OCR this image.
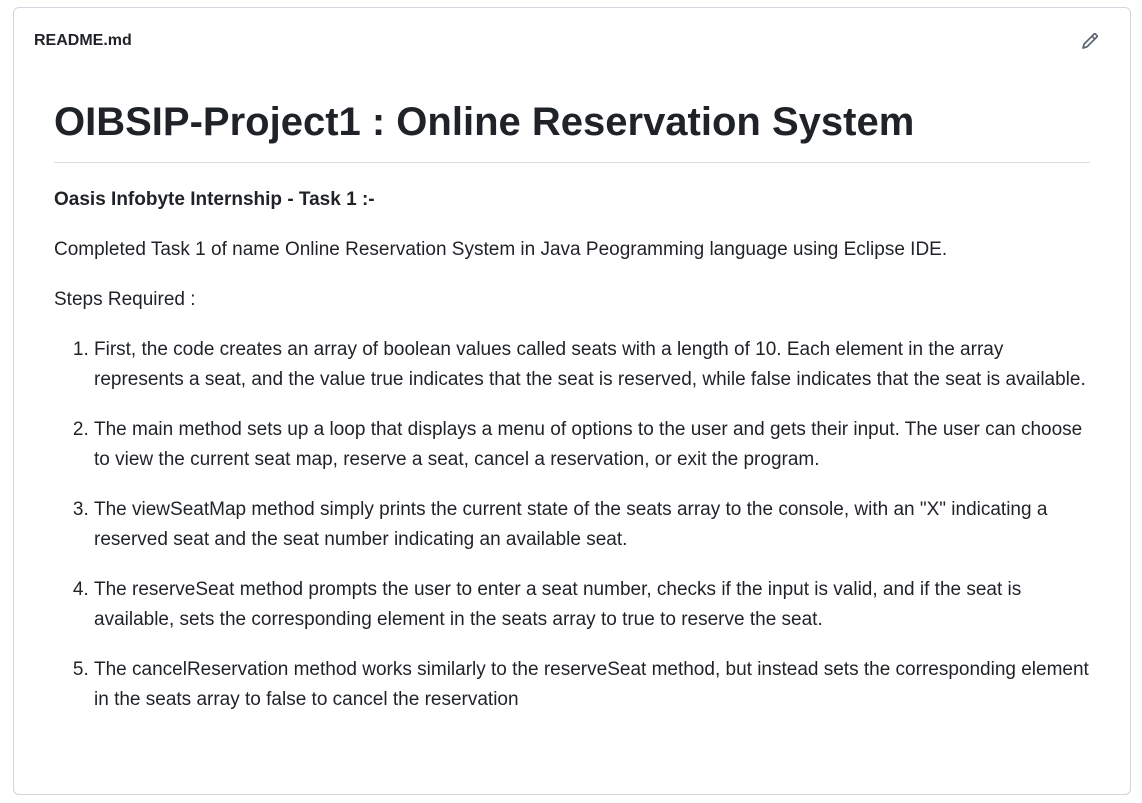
README.md
OIBSIP-Project1 : Online Reservation System

Oasis Infobyte Internship - Task 1 :-

Completed Task 1 of name Online Reservation System in Java Peogramming language using Eclipse IDE.

Steps Required :

1. First, the code creates an array of boolean values called seats with a length of 10. Each element in the array represents a seat, and the value true indicates that the seat is reserved, while false indicates that the seat is available.
2. The main method sets up a loop that displays a menu of options to the user and gets their input. The user can choose to view the current seat map, reserve a seat, cancel a reservation, or exit the program.
3. The viewSeatMap method simply prints the current state of the seats array to the console, with an "X" indicating a reserved seat and the seat number indicating an available seat.
4. The reserveSeat method prompts the user to enter a seat number, checks if the input is valid, and if the seat is available, sets the corresponding element in the seats array to true to reserve the seat.
5. The cancelReservation method works similarly to the reserveSeat method, but instead sets the corresponding element in the seats array to false to cancel the reservation
